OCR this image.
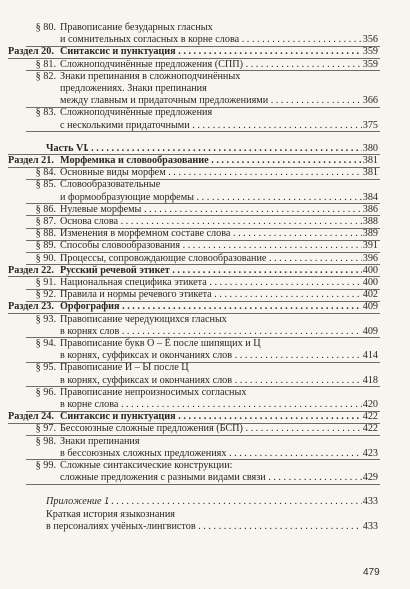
479
§ 80. Правописание безударных гласных
и сомнительных согласных в корне слова . . .	356
Раздел 20. Синтаксис и пунктуация . . .	359
§ 81. Сложноподчинённые предложения (СПП) . . .	359
§ 82. Знаки препинания в сложноподчинённых
предложениях. Знаки препинания
между главным и придаточным предложениями . . .	366
§ 83. Сложноподчинённые предложения
с несколькими придаточными . . .	375
Часть VI . . .	380
Раздел 21. Морфемика и словообразование . . .	381
§ 84. Основные виды морфем . . .	381
§ 85. Словообразовательные
и формообразующие морфемы . . .	384
§ 86. Нулевые морфемы . . .	386
§ 87. Основа слова . . .	388
§ 88. Изменения в морфемном составе слова . . .	389
§ 89. Способы словообразования . . .	391
§ 90. Процессы, сопровождающие словообразование . . .	396
Раздел 22. Русский речевой этикет . . .	400
§ 91. Национальная специфика этикета . . .	400
§ 92. Правила и нормы речевого этикета . . .	402
Раздел 23. Орфография . . .	409
§ 93. Правописание чередующихся гласных
в корнях слов . . .	409
§ 94. Правописание букв О – Ё после шипящих и Ц
в корнях, суффиксах и окончаниях слов . . .	414
§ 95. Правописание И – Ы после Ц
в корнях, суффиксах и окончаниях слов . . .	418
§ 96. Правописание непроизносимых согласных
в корне слова . . .	420
Раздел 24. Синтаксис и пунктуация . . .	422
§ 97. Бессоюзные сложные предложения (БСП) . . .	422
§ 98. Знаки препинания
в бессоюзных сложных предложениях . . .	423
§ 99. Сложные синтаксические конструкции:
сложные предложения с разными видами связи . . .	429
Приложение 1 . . .	433
Краткая история языкознания
в персоналиях учёных-лингвистов . . .	433
